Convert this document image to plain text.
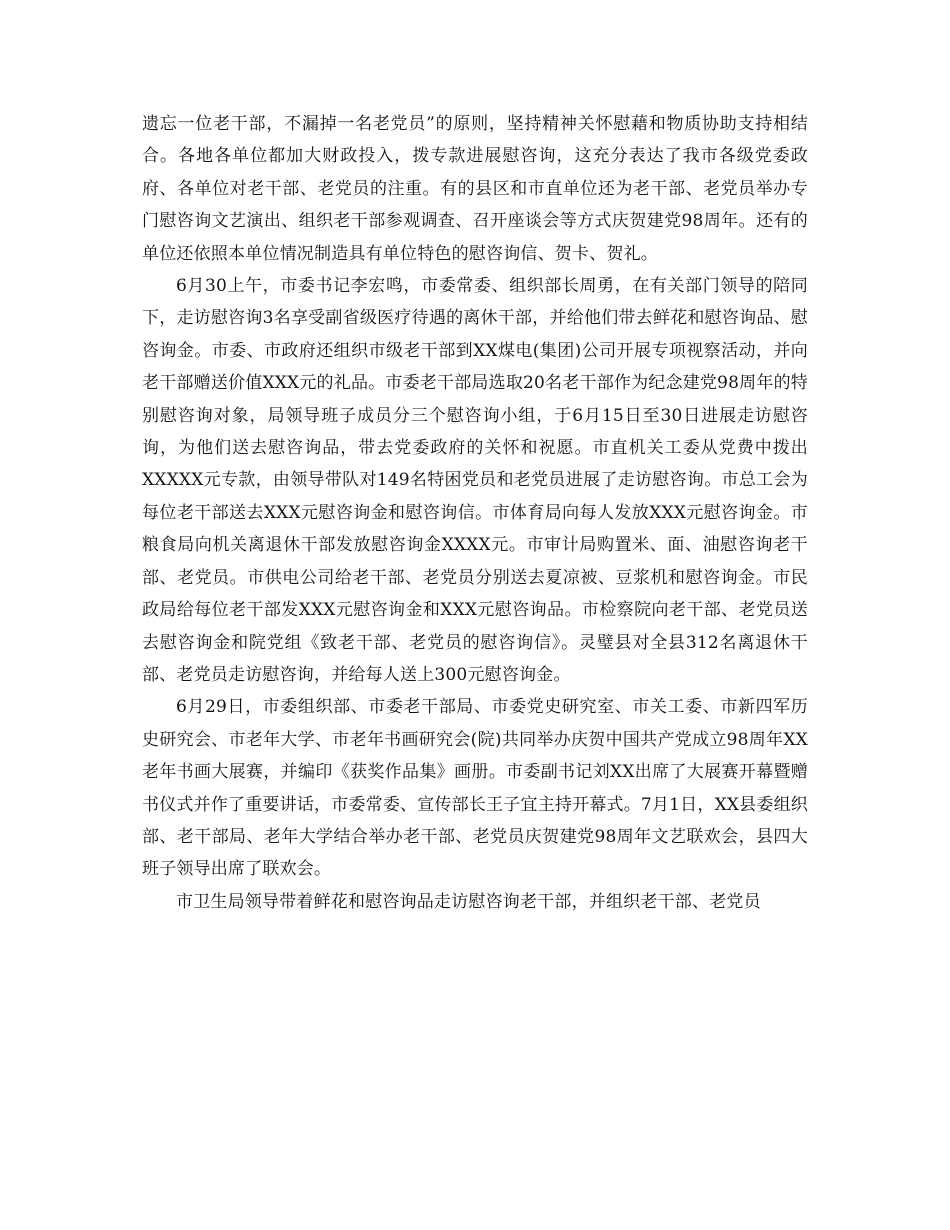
遗忘一位老干部，不漏掉一名老党员”的原则，坚持精神关怀慰藉和物质协助支持相结合。各地各单位都加大财政投入，拨专款进展慰咨询，这充分表达了我市各级党委政府、各单位对老干部、老党员的注重。有的县区和市直单位还为老干部、老党员举办专门慰咨询文艺演出、组织老干部参观调查、召开座谈会等方式庆贺建党98周年。还有的单位还依照本单位情况制造具有单位特色的慰咨询信、贺卡、贺礼。

6月30上午，市委书记李宏鸣，市委常委、组织部长周勇，在有关部门领导的陪同下，走访慰咨询3名享受副省级医疗待遇的离休干部，并给他们带去鲜花和慰咨询品、慰咨询金。市委、市政府还组织市级老干部到XX煤电(集团)公司开展专项视察活动，并向老干部赠送价值XXX元的礼品。市委老干部局选取20名老干部作为纪念建党98周年的特别慰咨询对象，局领导班子成员分三个慰咨询小组，于6月15日至30日进展走访慰咨询，为他们送去慰咨询品，带去党委政府的关怀和祝愿。市直机关工委从党费中拨出XXXXX元专款，由领导带队对149名特困党员和老党员进展了走访慰咨询。市总工会为每位老干部送去XXX元慰咨询金和慰咨询信。市体育局向每人发放XXX元慰咨询金。市粮食局向机关离退休干部发放慰咨询金XXXX元。市审计局购置米、面、油慰咨询老干部、老党员。市供电公司给老干部、老党员分别送去夏凉被、豆浆机和慰咨询金。市民政局给每位老干部发XXX元慰咨询金和XXX元慰咨询品。市检察院向老干部、老党员送去慰咨询金和院党组《致老干部、老党员的慰咨询信》。灵璧县对全县312名离退休干部、老党员走访慰咨询，并给每人送上300元慰咨询金。

6月29日，市委组织部、市委老干部局、市委党史研究室、市关工委、市新四军历史研究会、市老年大学、市老年书画研究会(院)共同举办庆贺中国共产党成立98周年XX老年书画大展赛，并编印《获奖作品集》画册。市委副书记刘XX出席了大展赛开幕暨赠书仪式并作了重要讲话，市委常委、宣传部长王子宜主持开幕式。7月1日，XX县委组织部、老干部局、老年大学结合举办老干部、老党员庆贺建党98周年文艺联欢会，县四大班子领导出席了联欢会。

市卫生局领导带着鲜花和慰咨询品走访慰咨询老干部，并组织老干部、老党员
